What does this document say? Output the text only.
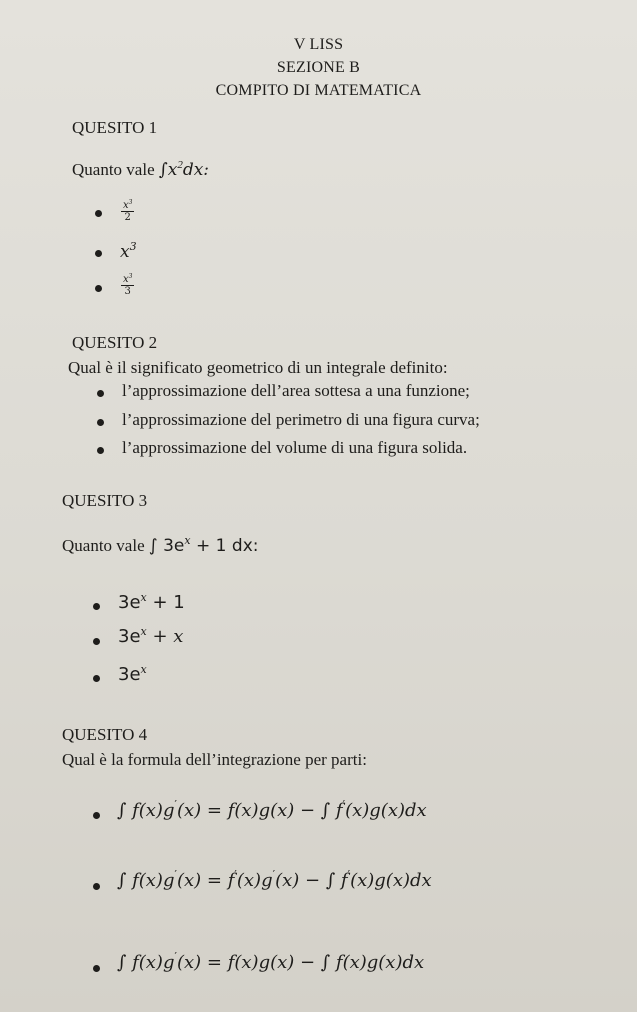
V LISS
SEZIONE B
COMPITO DI MATEMATICA
QUESITO 1
Quanto vale $\int x^2dx$:
$\frac{x^3}{2}$
$x^3$
$\frac{x^3}{3}$
QUESITO 2
Qual è il significato geometrico di un integrale definito:
l’approssimazione dell’area sottesa a una funzione;
l’approssimazione del perimetro di una figura curva;
l’approssimazione del volume di una figura solida.
QUESITO 3
Quanto vale ∫ $3e^x + 1$ dx:
$3e^x + 1$
$3e^x + x$
$3e^x$
QUESITO 4
Qual è la formula dell’integrazione per parti:
∫ f(x)g′(x) = f(x)g(x) − ∫ f′(x)g(x)dx
∫ f(x)g′(x) = f′(x)g′(x) − ∫ f′(x)g(x)dx
∫ f(x)g′(x) = f(x)g(x) − ∫ f(x)g(x)dx
